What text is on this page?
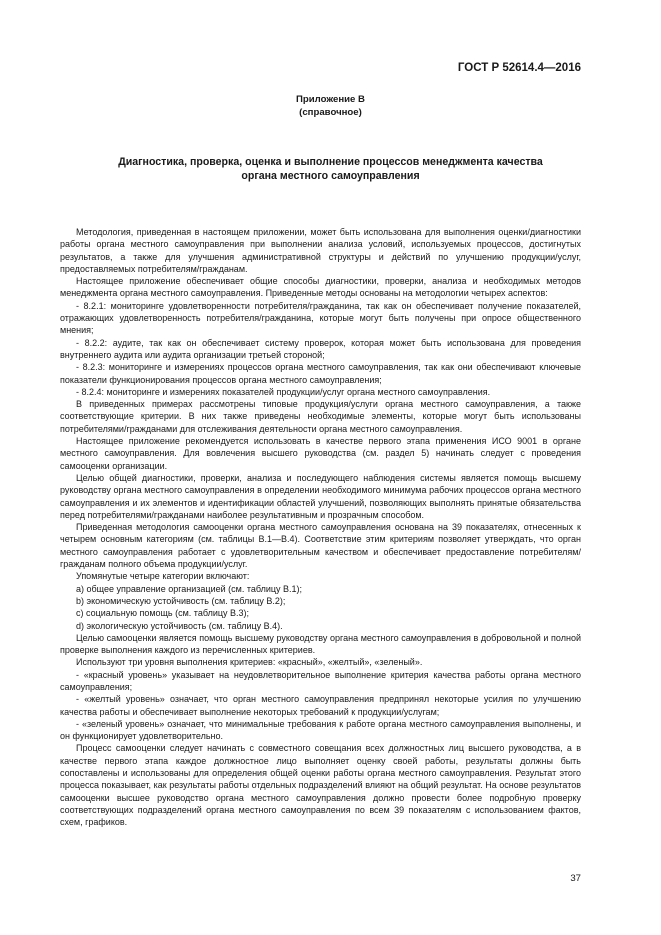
ГОСТ Р 52614.4—2016
Приложение В
(справочное)
Диагностика, проверка, оценка и выполнение процессов менеджмента качества
органа местного самоуправления

Методология, приведенная в настоящем приложении, может быть использована для выполнения оценки/диагностики работы органа местного самоуправления при выполнении анализа условий, используемых процессов, достигнутых результатов, а также для улучшения административной структуры и действий по улучшению продукции/услуг, предоставляемых потребителям/гражданам.

Настоящее приложение обеспечивает общие способы диагностики, проверки, анализа и необходимых методов менеджмента органа местного самоуправления. Приведенные методы основаны на методологии четырех аспектов:

- 8.2.1: мониторинге удовлетворенности потребителя/гражданина, так как он обеспечивает получение показателей, отражающих удовлетворенность потребителя/гражданина, которые могут быть получены при опросе общественного мнения;

- 8.2.2: аудите, так как он обеспечивает систему проверок, которая может быть использована для проведения внутреннего аудита или аудита организации третьей стороной;

- 8.2.3: мониторинге и измерениях процессов органа местного самоуправления, так как они обеспечивают ключевые показатели функционирования процессов органа местного самоуправления;

- 8.2.4: мониторинге и измерениях показателей продукции/услуг органа местного самоуправления.

В приведенных примерах рассмотрены типовые продукция/услуги органа местного самоуправления, а также соответствующие критерии. В них также приведены необходимые элементы, которые могут быть использованы потребителями/гражданами для отслеживания деятельности органа местного самоуправления.

Настоящее приложение рекомендуется использовать в качестве первого этапа применения ИСО 9001 в органе местного самоуправления. Для вовлечения высшего руководства (см. раздел 5) начинать следует с проведения самооценки организации.

Целью общей диагностики, проверки, анализа и последующего наблюдения системы является помощь высшему руководству органа местного самоуправления в определении необходимого минимума рабочих процессов органа местного самоуправления и их элементов и идентификации областей улучшений, позволяющих выполнять принятые обязательства перед потребителями/гражданами наиболее результативным и прозрачным способом.

Приведенная методология самооценки органа местного самоуправления основана на 39 показателях, отнесенных к четырем основным категориям (см. таблицы В.1—В.4). Соответствие этим критериям позволяет утверждать, что орган местного самоуправления работает с удовлетворительным качеством и обеспечивает предоставление потребителям/гражданам полного объема продукции/услуг.

Упомянутые четыре категории включают:

a) общее управление организацией (см. таблицу В.1);

b) экономическую устойчивость (см. таблицу В.2);

c) социальную помощь (см. таблицу В.3);

d) экологическую устойчивость (см. таблицу В.4).

Целью самооценки является помощь высшему руководству органа местного самоуправления в добровольной и полной проверке выполнения каждого из перечисленных критериев.

Используют три уровня выполнения критериев: «красный», «желтый», «зеленый».

- «красный уровень» указывает на неудовлетворительное выполнение критерия качества работы органа местного самоуправления;

- «желтый уровень» означает, что орган местного самоуправления предпринял некоторые усилия по улучшению качества работы и обеспечивает выполнение некоторых требований к продукции/услугам;

- «зеленый уровень» означает, что минимальные требования к работе органа местного самоуправления выполнены, и он функционирует удовлетворительно.

Процесс самооценки следует начинать с совместного совещания всех должностных лиц высшего руководства, а в качестве первого этапа каждое должностное лицо выполняет оценку своей работы, результаты должны быть сопоставлены и использованы для определения общей оценки работы органа местного самоуправления. Результат этого процесса показывает, как результаты работы отдельных подразделений влияют на общий результат. На основе результатов самооценки высшее руководство органа местного самоуправления должно провести более подробную проверку соответствующих подразделений органа местного самоуправления по всем 39 показателям с использованием фактов, схем, графиков.

37
